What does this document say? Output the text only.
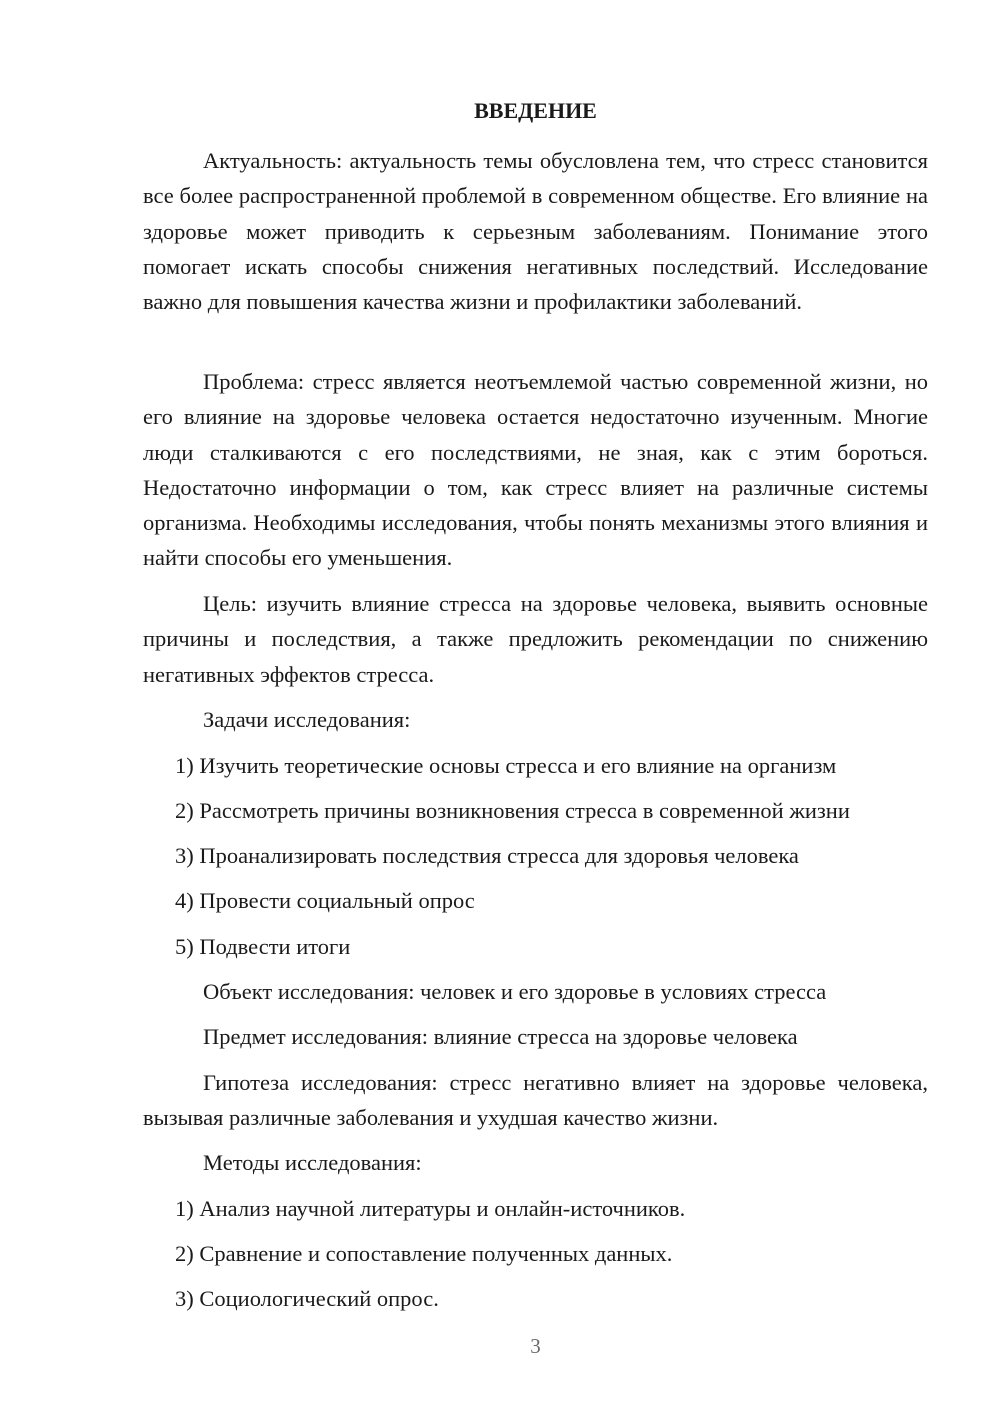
ВВЕДЕНИЕ

Актуальность: актуальность темы обусловлена тем, что стресс становится все более распространенной проблемой в современном обществе. Его влияние на здоровье может приводить к серьезным заболеваниям. Понимание этого помогает искать способы снижения негативных последствий. Исследование важно для повышения качества жизни и профилактики заболеваний.

Проблема: стресс является неотъемлемой частью современной жизни, но его влияние на здоровье человека остается недостаточно изученным. Многие люди сталкиваются с его последствиями, не зная, как с этим бороться. Недостаточно информации о том, как стресс влияет на различные системы организма. Необходимы исследования, чтобы понять механизмы этого влияния и найти способы его уменьшения.

Цель: изучить влияние стресса на здоровье человека, выявить основные причины и последствия, а также предложить рекомендации по снижению негативных эффектов стресса.

Задачи исследования:

1) Изучить теоретические основы стресса и его влияние на организм

2) Рассмотреть причины возникновения стресса в современной жизни

3) Проанализировать последствия стресса для здоровья человека

4) Провести социальный опрос

5) Подвести итоги

Объект исследования: человек и его здоровье в условиях стресса

Предмет исследования: влияние стресса на здоровье человека

Гипотеза исследования: стресс негативно влияет на здоровье человека, вызывая различные заболевания и ухудшая качество жизни.

Методы исследования:

1) Анализ научной литературы и онлайн-источников.

2) Сравнение и сопоставление полученных данных.

3) Социологический опрос.

3
